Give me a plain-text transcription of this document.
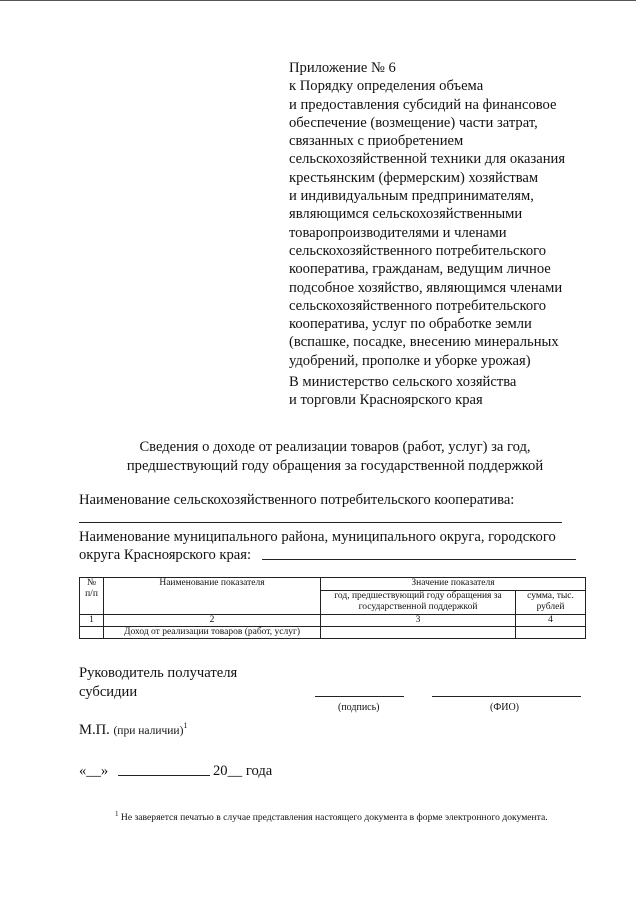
Приложение № 6
к Порядку определения объема
и предоставления субсидий на финансовое
обеспечение (возмещение) части затрат,
связанных с приобретением
сельскохозяйственной техники для оказания
крестьянским (фермерским) хозяйствам
и индивидуальным предпринимателям,
являющимся сельскохозяйственными
товаропроизводителями и членами
сельскохозяйственного потребительского
кооператива, гражданам, ведущим личное
подсобное хозяйство, являющимся членами
сельскохозяйственного потребительского
кооператива, услуг по обработке земли
(вспашке, посадке, внесению минеральных
удобрений, прополке и уборке урожая)
В министерство сельского хозяйства
и торговли Красноярского края
Сведения о доходе от реализации товаров (работ, услуг) за год,
предшествующий году обращения за государственной поддержкой
Наименование сельскохозяйственного потребительского кооператива:
Наименование муниципального района, муниципального округа, городского
округа Красноярского края:
№ п/п	Наименование показателя	Значение показателя	
		год, предшествующий году обращения за государственной поддержкой	сумма, тыс. рублей
1	2	3	4
	Доход от реализации товаров (работ, услуг)		
Руководитель получателя
субсидии
(подпись)	(ФИО)
М.П. (при наличии)$^1$
«__»	20__ года
$^1$ Не заверяется печатью в случае представления настоящего документа в форме электронного документа.
